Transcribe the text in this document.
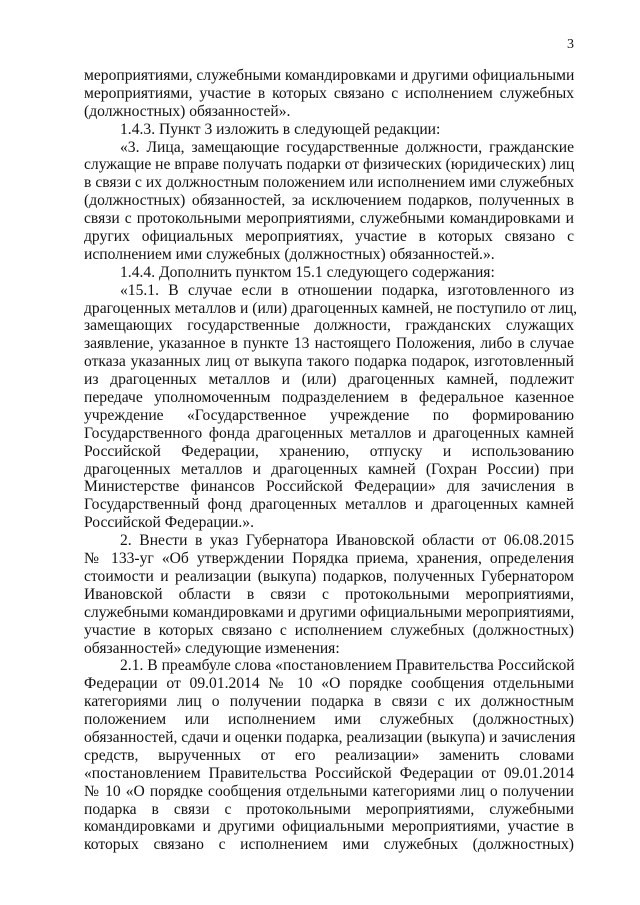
3
мероприятиями, служебными командировками и другими официальными
мероприятиями, участие в которых связано с исполнением служебных
(должностных) обязанностей».
1.4.3. Пункт 3 изложить в следующей редакции:
«3. Лица, замещающие государственные должности, гражданские
служащие не вправе получать подарки от физических (юридических) лиц
в связи с их должностным положением или исполнением ими служебных
(должностных) обязанностей, за исключением подарков, полученных в
связи с протокольными мероприятиями, служебными командировками и
других официальных мероприятиях, участие в которых связано с
исполнением ими служебных (должностных) обязанностей.».
1.4.4. Дополнить пунктом 15.1 следующего содержания:
«15.1. В случае если в отношении подарка, изготовленного из
драгоценных металлов и (или) драгоценных камней, не поступило от лиц,
замещающих государственные должности, гражданских служащих
заявление, указанное в пункте 13 настоящего Положения, либо в случае
отказа указанных лиц от выкупа такого подарка подарок, изготовленный
из драгоценных металлов и (или) драгоценных камней, подлежит
передаче уполномоченным подразделением в федеральное казенное
учреждение «Государственное учреждение по формированию
Государственного фонда драгоценных металлов и драгоценных камней
Российской Федерации, хранению, отпуску и использованию
драгоценных металлов и драгоценных камней (Гохран России) при
Министерстве финансов Российской Федерации» для зачисления в
Государственный фонд драгоценных металлов и драгоценных камней
Российской Федерации.».
2. Внести в указ Губернатора Ивановской области от 06.08.2015
№ 133-уг «Об утверждении Порядка приема, хранения, определения
стоимости и реализации (выкупа) подарков, полученных Губернатором
Ивановской области в связи с протокольными мероприятиями,
служебными командировками и другими официальными мероприятиями,
участие в которых связано с исполнением служебных (должностных)
обязанностей» следующие изменения:
2.1. В преамбуле слова «постановлением Правительства Российской
Федерации от 09.01.2014 № 10 «О порядке сообщения отдельными
категориями лиц о получении подарка в связи с их должностным
положением или исполнением ими служебных (должностных)
обязанностей, сдачи и оценки подарка, реализации (выкупа) и зачисления
средств, вырученных от его реализации» заменить словами
«постановлением Правительства Российской Федерации от 09.01.2014
№ 10 «О порядке сообщения отдельными категориями лиц о получении
подарка в связи с протокольными мероприятиями, служебными
командировками и другими официальными мероприятиями, участие в
которых связано с исполнением ими служебных (должностных)
